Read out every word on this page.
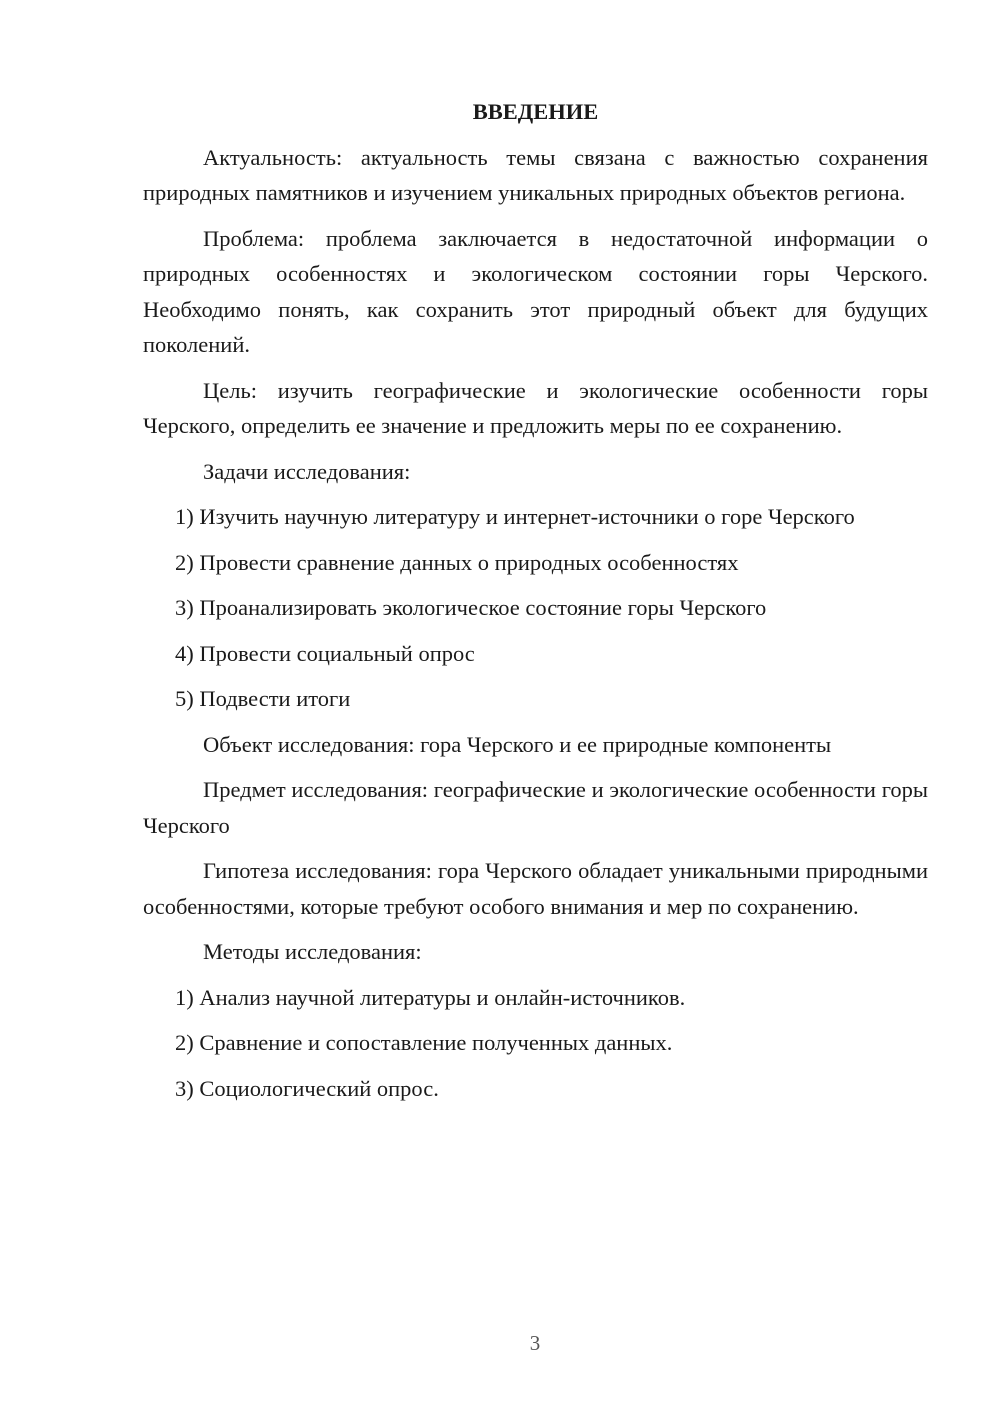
ВВЕДЕНИЕ

Актуальность: актуальность темы связана с важностью сохранения природных памятников и изучением уникальных природных объектов региона.

Проблема: проблема заключается в недостаточной информации о природных особенностях и экологическом состоянии горы Черского. Необходимо понять, как сохранить этот природный объект для будущих поколений.

Цель: изучить географические и экологические особенности горы Черского, определить ее значение и предложить меры по ее сохранению.

Задачи исследования:

1) Изучить научную литературу и интернет-источники о горе Черского

2) Провести сравнение данных о природных особенностях

3) Проанализировать экологическое состояние горы Черского

4) Провести социальный опрос

5) Подвести итоги

Объект исследования: гора Черского и ее природные компоненты

Предмет исследования: географические и экологические особенности горы Черского

Гипотеза исследования: гора Черского обладает уникальными природными особенностями, которые требуют особого внимания и мер по сохранению.

Методы исследования:

1) Анализ научной литературы и онлайн-источников.

2) Сравнение и сопоставление полученных данных.

3) Социологический опрос.

3
